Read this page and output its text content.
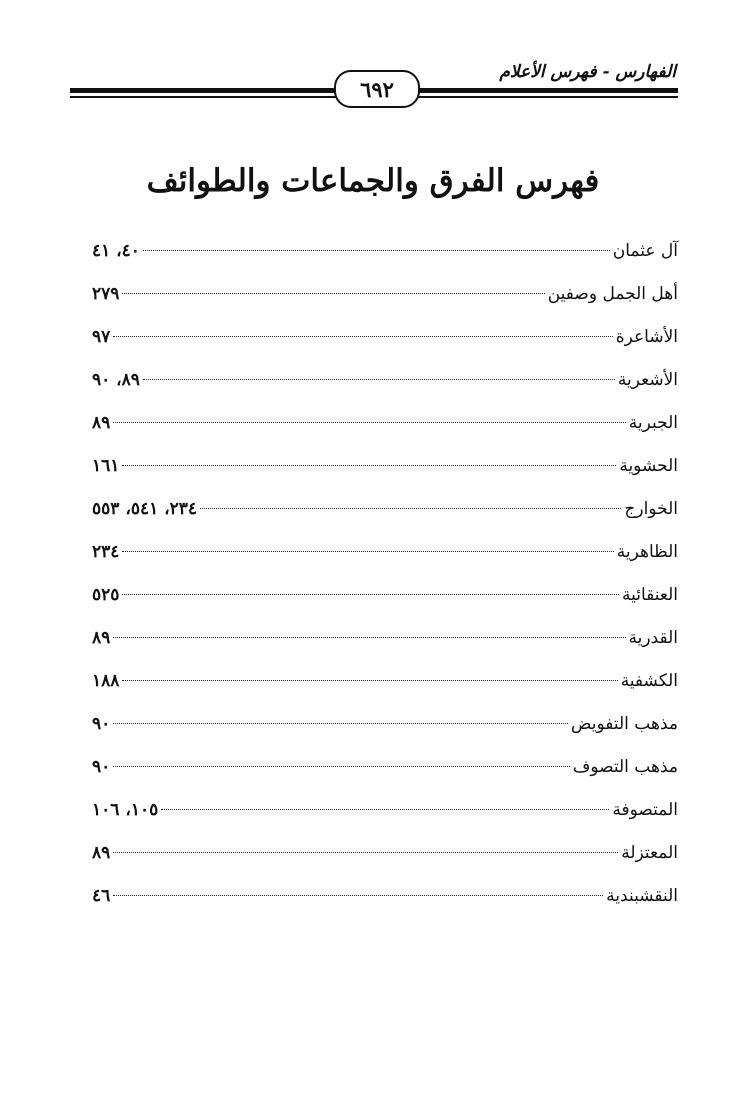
الفهارس - فهرس الأعلام
٦٩٢
فهرس الفرق والجماعات والطوائف
آل عثمان
٤٠، ٤١
أهل الجمل وصفين
٢٧٩
الأشاعرة
٩٧
الأشعرية
٨٩، ٩٠
الجبرية
٨٩
الحشوية
١٦١
الخوارج
٢٣٤، ٥٤١، ٥٥٣
الظاهرية
٢٣٤
العنقائية
٥٢٥
القدرية
٨٩
الكشفية
١٨٨
مذهب التفويض
٩٠
مذهب التصوف
٩٠
المتصوفة
١٠٥، ١٠٦
المعتزلة
٨٩
النقشبندية
٤٦
